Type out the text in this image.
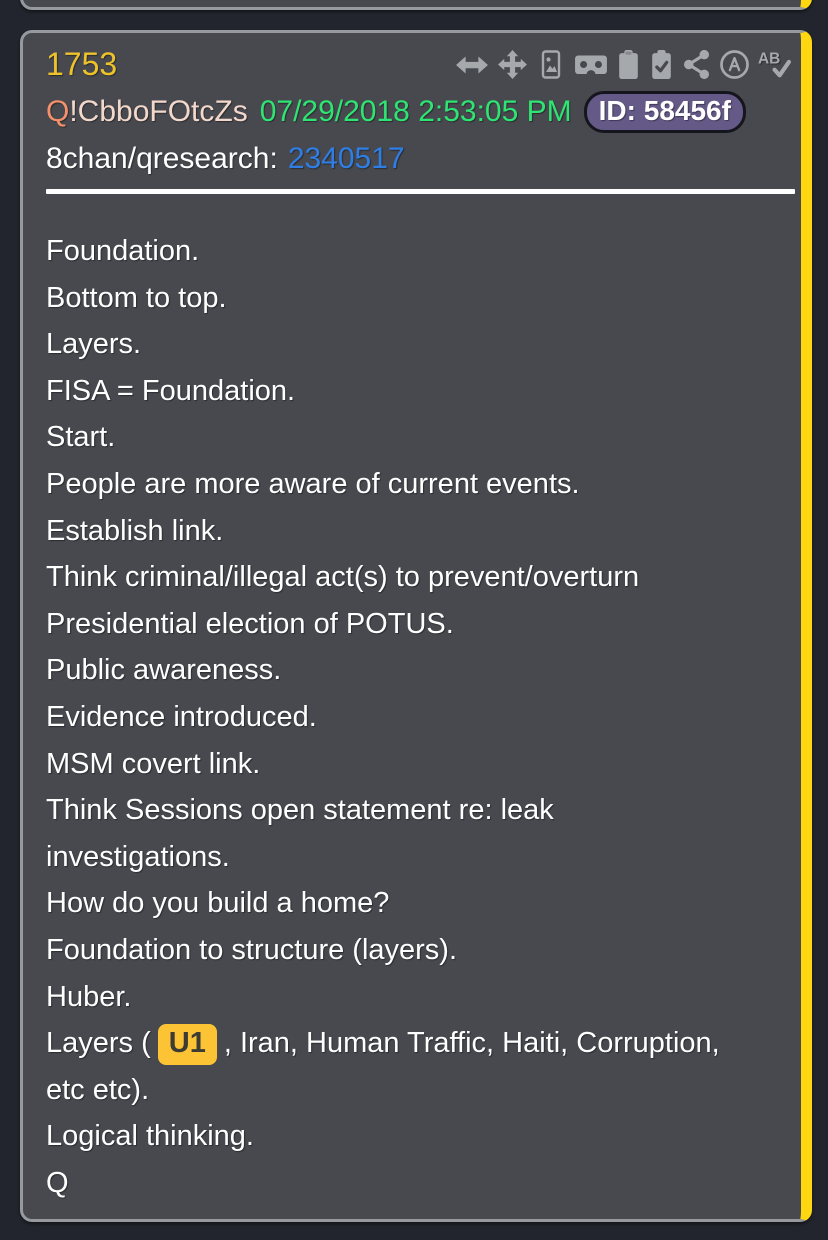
1753	AB
Q!CbboFOtcZs 07/29/2018 2:53:05 PM ID: 58456f
8chan/qresearch: 2340517
Foundation.
Bottom to top.
Layers.
FISA = Foundation.
Start.
People are more aware of current events.
Establish link.
Think criminal/illegal act(s) to prevent/overturn
Presidential election of POTUS.
Public awareness.
Evidence introduced.
MSM covert link.
Think Sessions open statement re: leak
investigations.
How do you build a home?
Foundation to structure (layers).
Huber.
Layers ( U1 , Iran, Human Traffic, Haiti, Corruption,
etc etc).
Logical thinking.
Q
